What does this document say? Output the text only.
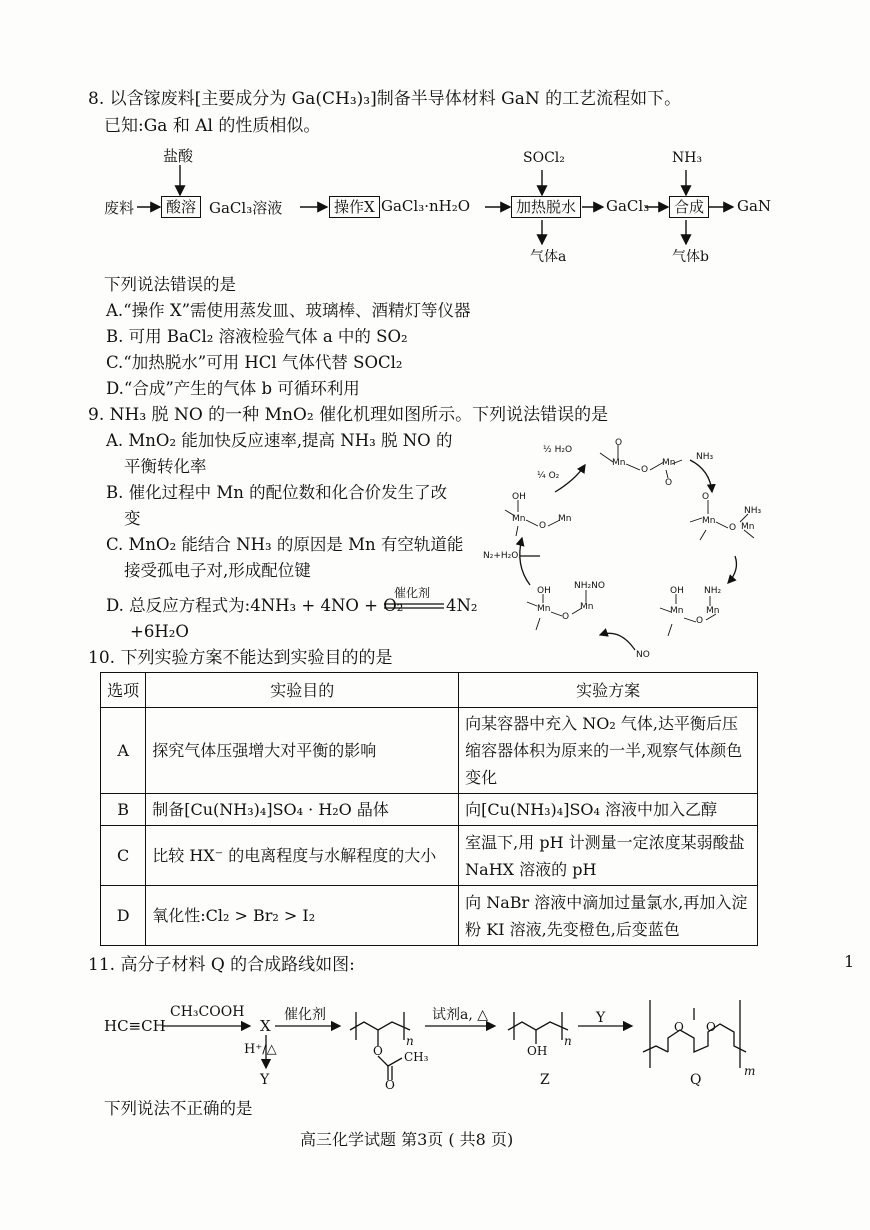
8. 以含镓废料[主要成分为 Ga(CH₃)₃]制备半导体材料 GaN 的工艺流程如下。
已知:Ga 和 Al 的性质相似。
废料
盐酸
酸溶 GaCl₃溶液	操作X GaCl₃·nH₂O
SOCl₂
加热脱水
气体a
GaCl₃
NH₃
合成
气体b
GaN
下列说法错误的是
A.“操作 X”需使用蒸发皿、玻璃棒、酒精灯等仪器
B. 可用 BaCl₂ 溶液检验气体 a 中的 SO₂
C.“加热脱水”可用 HCl 气体代替 SOCl₂
D.“合成”产生的气体 b 可循环利用
9. NH₃ 脱 NO 的一种 MnO₂ 催化机理如图所示。下列说法错误的是
A. MnO₂ 能加快反应速率,提高 NH₃ 脱 NO 的
平衡转化率
B. 催化过程中 Mn 的配位数和化合价发生了改
变
C. MnO₂ 能结合 NH₃ 的原因是 Mn 有空轨道能
接受孤电子对,形成配位键
D. 总反应方程式为:4NH₃ + 4NO + O₂
催化剂
4N₂
+6H₂O
½ H₂O
¼ O₂
NH₃
N₂+H₂O
NO
O
Mn
O
Mn
O
OH
Mn
O
Mn
O
Mn
O
NH₃
Mn
OH
Mn
O
NH₂NO
Mn
OH
Mn
O
NH₂
Mn
10. 下列实验方案不能达到实验目的的是
选项	实验目的	实验方案
A	探究气体压强增大对平衡的影响	向某容器中充入 NO₂ 气体,达平衡后压缩容器体积为原来的一半,观察气体颜色变化
B	制备[Cu(NH₃)₄]SO₄ · H₂O 晶体	向[Cu(NH₃)₄]SO₄ 溶液中加入乙醇
C	比较 HX⁻ 的电离程度与水解程度的大小	室温下,用 pH 计测量一定浓度某弱酸盐 NaHX 溶液的 pH
D	氧化性:Cl₂ > Br₂ > I₂	向 NaBr 溶液中滴加过量氯水,再加入淀粉 KI 溶液,先变橙色,后变蓝色
11. 高分子材料 Q 的合成路线如图:	1
HC≡CH
CH₃COOH
X
催化剂
H⁺/△
Y
n
O CH₃
O
试剂a, △
n
OH
Z
Y
O O
m
Q
下列说法不正确的是
高三化学试题 第3页 ( 共8 页)
